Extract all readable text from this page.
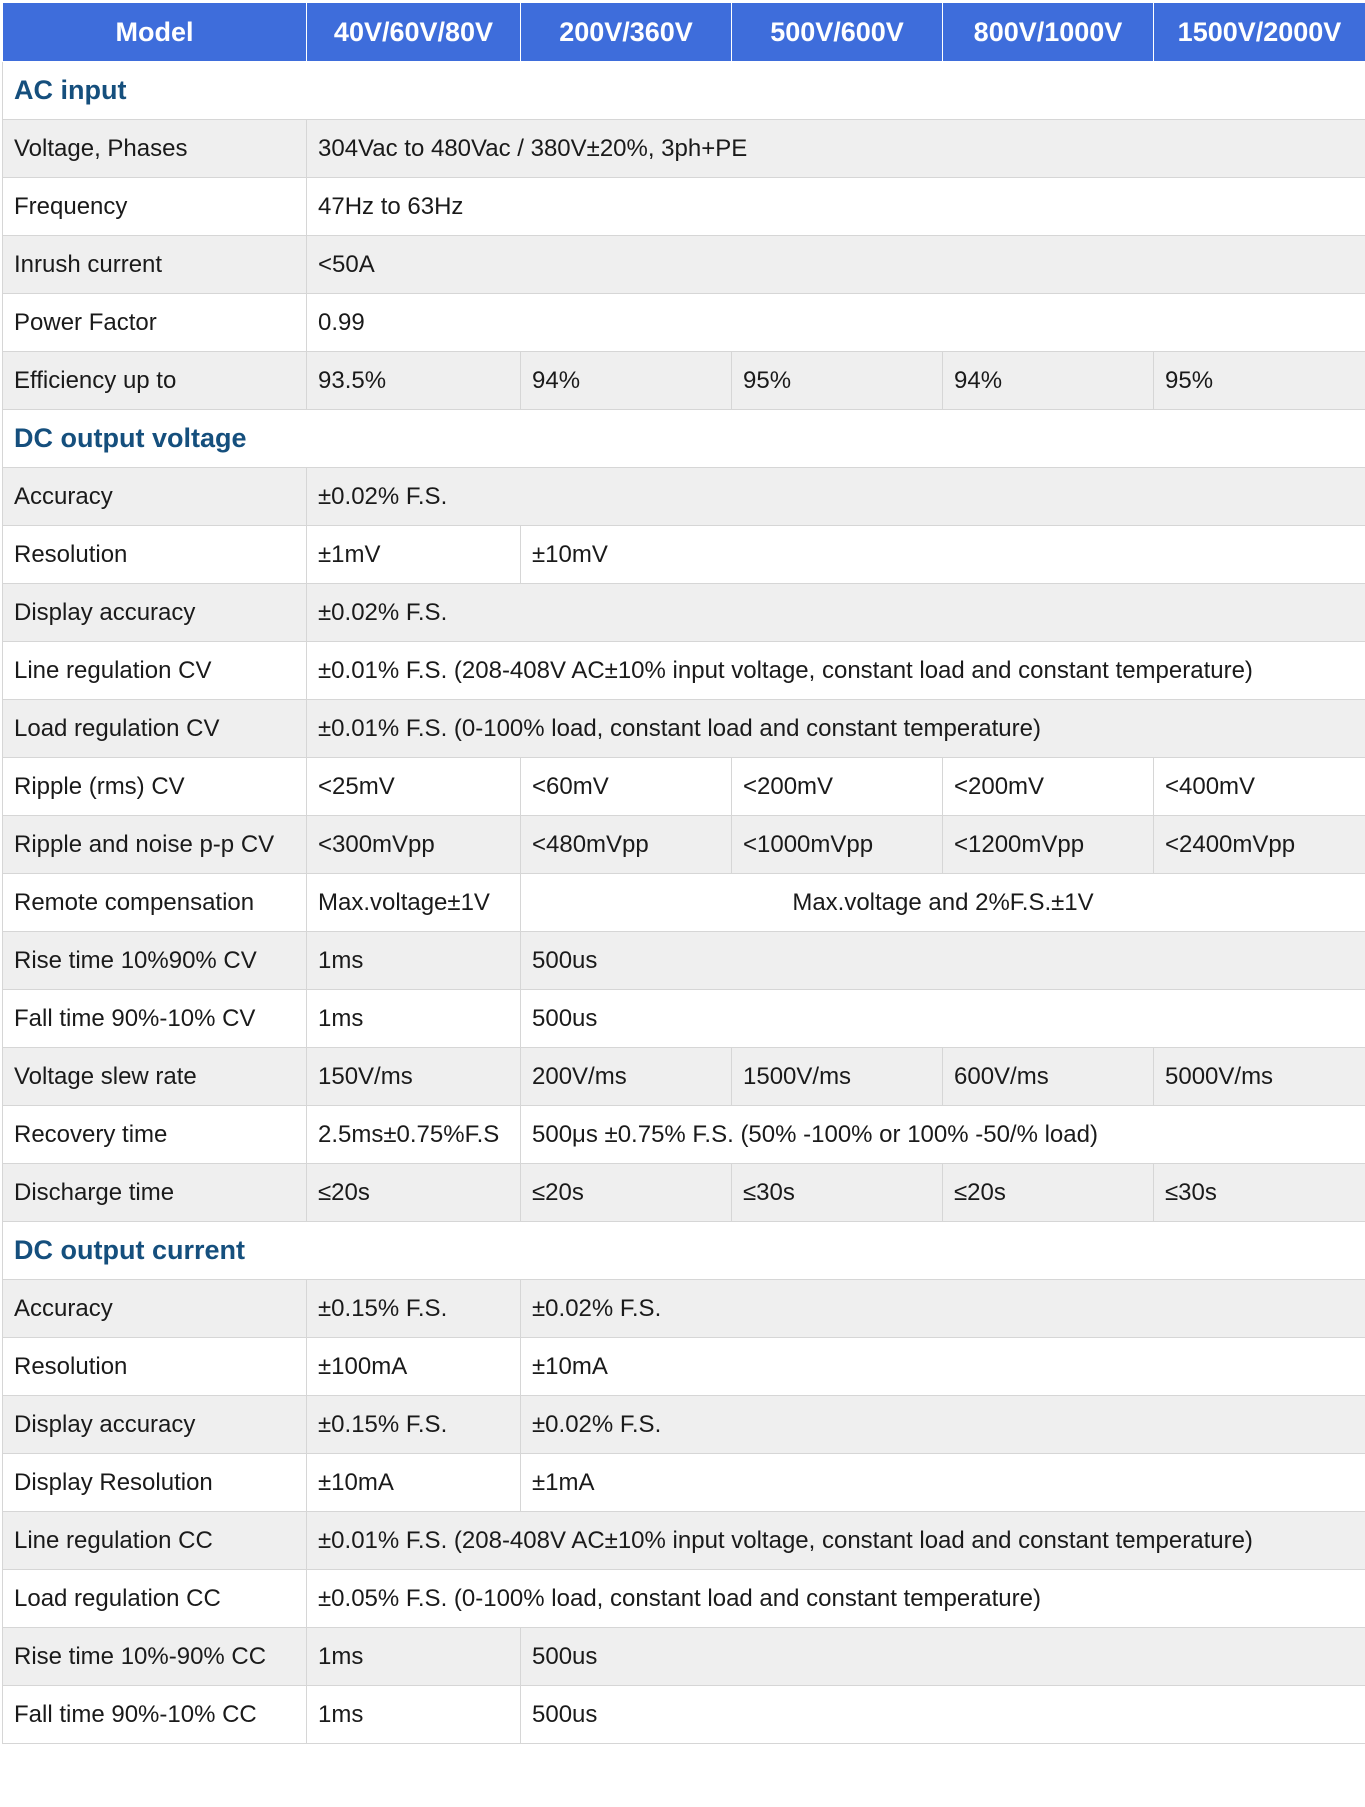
Model	40V/60V/80V	200V/360V	500V/600V	800V/1000V	1500V/2000V
AC input					
Voltage, Phases	304Vac to 480Vac / 380V±20%, 3ph+PE				
Frequency	47Hz to 63Hz				
Inrush current	<50A				
Power Factor	0.99				
Efficiency up to	93.5%	94%	95%	94%	95%
DC output voltage					
Accuracy	±0.02% F.S.				
Resolution	±1mV	±10mV			
Display accuracy	±0.02% F.S.				
Line regulation CV	±0.01% F.S. (208-408V AC±10% input voltage, constant load and constant temperature)				
Load regulation CV	±0.01% F.S. (0-100% load, constant load and constant temperature)				
Ripple (rms) CV	<25mV	<60mV	<200mV	<200mV	<400mV
Ripple and noise p-p CV	<300mVpp	<480mVpp	<1000mVpp	<1200mVpp	<2400mVpp
Remote compensation	Max.voltage±1V	Max.voltage and 2%F.S.±1V			
Rise time 10%90% CV	1ms	500us			
Fall time 90%-10% CV	1ms	500us			
Voltage slew rate	150V/ms	200V/ms	1500V/ms	600V/ms	5000V/ms
Recovery time	2.5ms±0.75%F.S	500μs ±0.75% F.S. (50% -100% or 100% -50/% load)			
Discharge time	≤20s	≤20s	≤30s	≤20s	≤30s
DC output current					
Accuracy	±0.15% F.S.	±0.02% F.S.			
Resolution	±100mA	±10mA			
Display accuracy	±0.15% F.S.	±0.02% F.S.			
Display Resolution	±10mA	±1mA			
Line regulation CC	±0.01% F.S. (208-408V AC±10% input voltage, constant load and constant temperature)				
Load regulation CC	±0.05% F.S. (0-100% load, constant load and constant temperature)				
Rise time 10%-90% CC	1ms	500us			
Fall time 90%-10% CC	1ms	500us			
